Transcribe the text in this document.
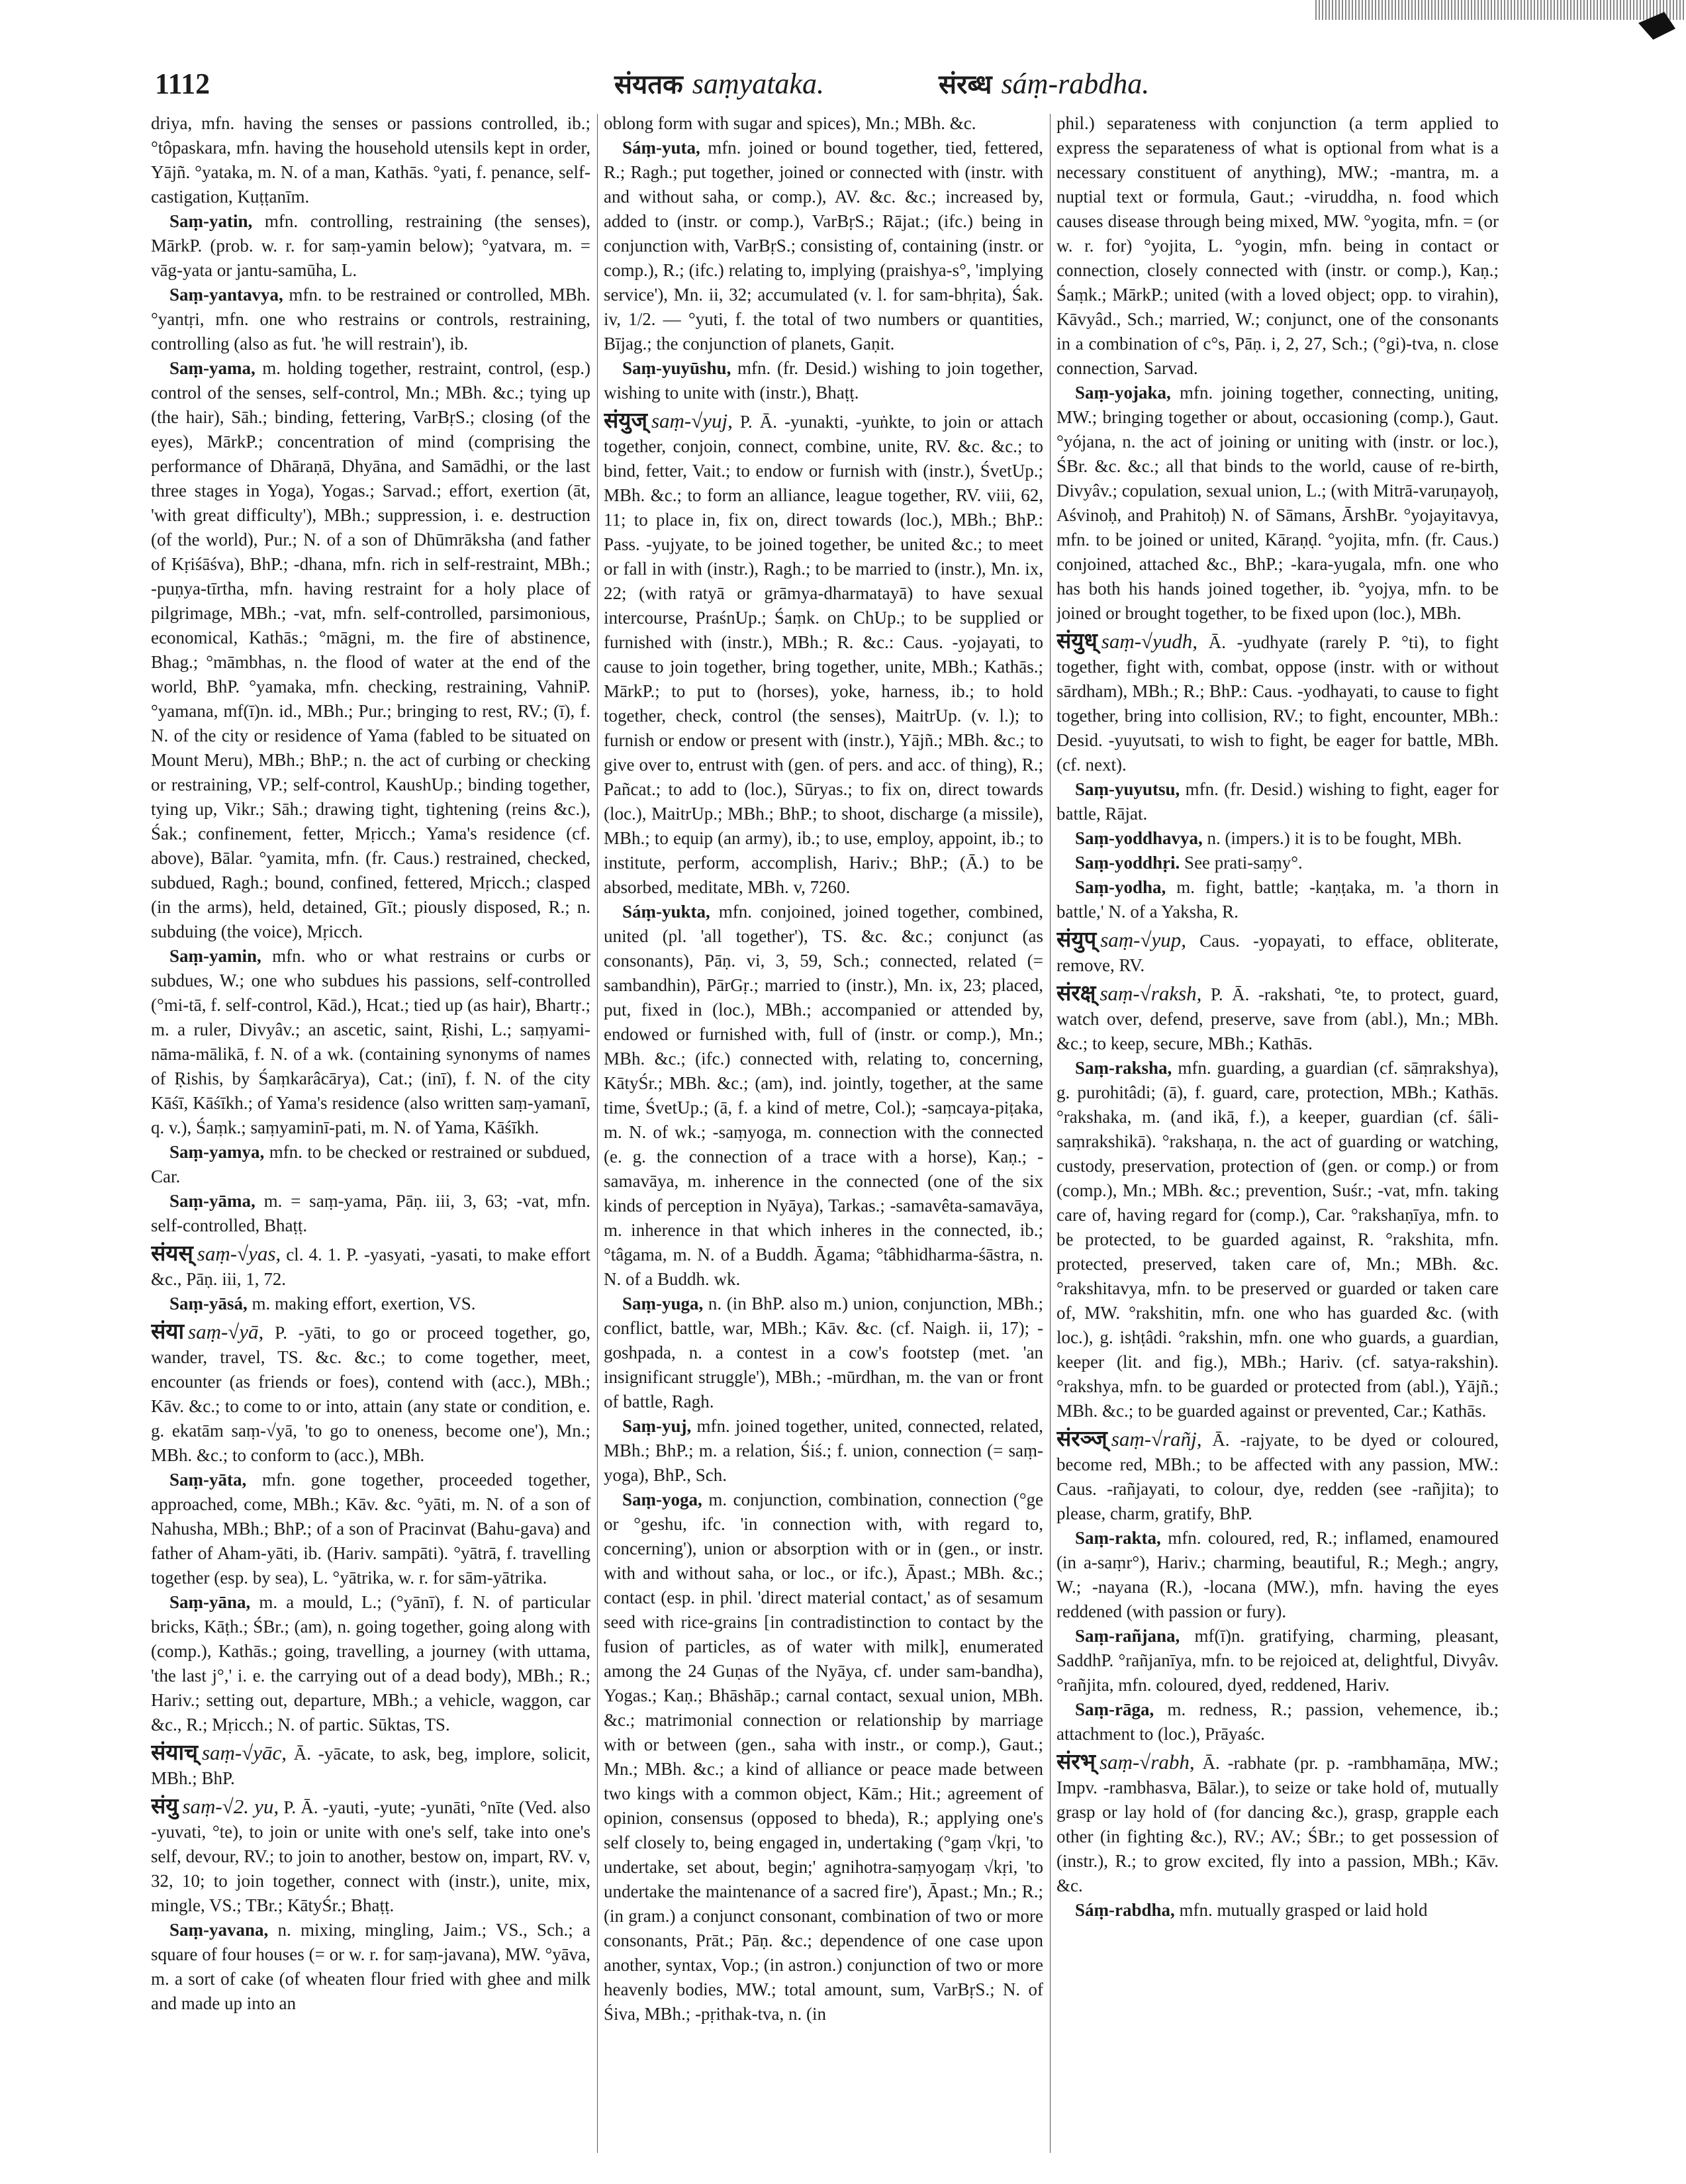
1112	संयतक saṃyataka.	संरब्ध sáṃ-rabdha.

driya, mfn. having the senses or passions controlled, ib.; °tôpaskara, mfn. having the household utensils kept in order, Yājñ. °yataka, m. N. of a man, Kathās. °yati, f. penance, self-castigation, Kuṭṭanīm.

Saṃ-yatin, mfn. controlling, restraining (the senses), MārkP. (prob. w. r. for saṃ-yamin below); °yatvara, m. = vāg-yata or jantu-samūha, L.

Saṃ-yantavya, mfn. to be restrained or controlled, MBh. °yantṛi, mfn. one who restrains or controls, restraining, controlling (also as fut. 'he will restrain'), ib.

Saṃ-yama, m. holding together, restraint, control, (esp.) control of the senses, self-control, Mn.; MBh. &c.; tying up (the hair), Sāh.; binding, fettering, VarBṛS.; closing (of the eyes), MārkP.; concentration of mind (comprising the performance of Dhāraṇā, Dhyāna, and Samādhi, or the last three stages in Yoga), Yogas.; Sarvad.; effort, exertion (āt, 'with great difficulty'), MBh.; suppression, i. e. destruction (of the world), Pur.; N. of a son of Dhūmrāksha (and father of Kṛiśāśva), BhP.; -dhana, mfn. rich in self-restraint, MBh.; -puṇya-tīrtha, mfn. having restraint for a holy place of pilgrimage, MBh.; -vat, mfn. self-controlled, parsimonious, economical, Kathās.; °māgni, m. the fire of abstinence, Bhag.; °māmbhas, n. the flood of water at the end of the world, BhP. °yamaka, mfn. checking, restraining, VahniP. °yamana, mf(ī)n. id., MBh.; Pur.; bringing to rest, RV.; (ī), f. N. of the city or residence of Yama (fabled to be situated on Mount Meru), MBh.; BhP.; n. the act of curbing or checking or restraining, VP.; self-control, KaushUp.; binding together, tying up, Vikr.; Sāh.; drawing tight, tightening (reins &c.), Śak.; confinement, fetter, Mṛicch.; Yama's residence (cf. above), Bālar. °yamita, mfn. (fr. Caus.) restrained, checked, subdued, Ragh.; bound, confined, fettered, Mṛicch.; clasped (in the arms), held, detained, Gīt.; piously disposed, R.; n. subduing (the voice), Mṛicch.

Saṃ-yamin, mfn. who or what restrains or curbs or subdues, W.; one who subdues his passions, self-controlled (°mi-tā, f. self-control, Kād.), Hcat.; tied up (as hair), Bhartṛ.; m. a ruler, Divyâv.; an ascetic, saint, Ṛishi, L.; saṃyami-nāma-mālikā, f. N. of a wk. (containing synonyms of names of Ṛishis, by Śaṃkarâcārya), Cat.; (inī), f. N. of the city Kāśī, Kāśīkh.; of Yama's residence (also written saṃ-yamanī, q. v.), Śaṃk.; saṃyaminī-pati, m. N. of Yama, Kāśīkh.

Saṃ-yamya, mfn. to be checked or restrained or subdued, Car.

Saṃ-yāma, m. = saṃ-yama, Pāṇ. iii, 3, 63; -vat, mfn. self-controlled, Bhaṭṭ.

संयस् saṃ-√yas, cl. 4. 1. P. -yasyati, -yasati, to make effort &c., Pāṇ. iii, 1, 72.

Saṃ-yāsá, m. making effort, exertion, VS.

संया saṃ-√yā, P. -yāti, to go or proceed together, go, wander, travel, TS. &c. &c.; to come together, meet, encounter (as friends or foes), contend with (acc.), MBh.; Kāv. &c.; to come to or into, attain (any state or condition, e. g. ekatām saṃ-√yā, 'to go to oneness, become one'), Mn.; MBh. &c.; to conform to (acc.), MBh.

Saṃ-yāta, mfn. gone together, proceeded together, approached, come, MBh.; Kāv. &c. °yāti, m. N. of a son of Nahusha, MBh.; BhP.; of a son of Pracinvat (Bahu-gava) and father of Aham-yāti, ib. (Hariv. sampāti). °yātrā, f. travelling together (esp. by sea), L. °yātrika, w. r. for sām-yātrika.

Saṃ-yāna, m. a mould, L.; (°yānī), f. N. of particular bricks, Kāṭh.; ŚBr.; (am), n. going together, going along with (comp.), Kathās.; going, travelling, a journey (with uttama, 'the last j°,' i. e. the carrying out of a dead body), MBh.; R.; Hariv.; setting out, departure, MBh.; a vehicle, waggon, car &c., R.; Mṛicch.; N. of partic. Sūktas, TS.

संयाच् saṃ-√yāc, Ā. -yācate, to ask, beg, implore, solicit, MBh.; BhP.

संयु saṃ-√2. yu, P. Ā. -yauti, -yute; -yunāti, °nīte (Ved. also -yuvati, °te), to join or unite with one's self, take into one's self, devour, RV.; to join to another, bestow on, impart, RV. v, 32, 10; to join together, connect with (instr.), unite, mix, mingle, VS.; TBr.; KātyŚr.; Bhaṭṭ.

Saṃ-yavana, n. mixing, mingling, Jaim.; VS., Sch.; a square of four houses (= or w. r. for saṃ-javana), MW. °yāva, m. a sort of cake (of wheaten flour fried with ghee and milk and made up into an

oblong form with sugar and spices), Mn.; MBh. &c.

Sáṃ-yuta, mfn. joined or bound together, tied, fettered, R.; Ragh.; put together, joined or connected with (instr. with and without saha, or comp.), AV. &c. &c.; increased by, added to (instr. or comp.), VarBṛS.; Rājat.; (ifc.) being in conjunction with, VarBṛS.; consisting of, containing (instr. or comp.), R.; (ifc.) relating to, implying (praishya-s°, 'implying service'), Mn. ii, 32; accumulated (v. l. for sam-bhṛita), Śak. iv, 1/2. — °yuti, f. the total of two numbers or quantities, Bījag.; the conjunction of planets, Gaṇit.

Saṃ-yuyūshu, mfn. (fr. Desid.) wishing to join together, wishing to unite with (instr.), Bhaṭṭ.

संयुज् saṃ-√yuj, P. Ā. -yunakti, -yuṅkte, to join or attach together, conjoin, connect, combine, unite, RV. &c. &c.; to bind, fetter, Vait.; to endow or furnish with (instr.), ŚvetUp.; MBh. &c.; to form an alliance, league together, RV. viii, 62, 11; to place in, fix on, direct towards (loc.), MBh.; BhP.: Pass. -yujyate, to be joined together, be united &c.; to meet or fall in with (instr.), Ragh.; to be married to (instr.), Mn. ix, 22; (with ratyā or grāmya-dharmatayā) to have sexual intercourse, PraśnUp.; Śaṃk. on ChUp.; to be supplied or furnished with (instr.), MBh.; R. &c.: Caus. -yojayati, to cause to join together, bring together, unite, MBh.; Kathās.; MārkP.; to put to (horses), yoke, harness, ib.; to hold together, check, control (the senses), MaitrUp. (v. l.); to furnish or endow or present with (instr.), Yājñ.; MBh. &c.; to give over to, entrust with (gen. of pers. and acc. of thing), R.; Pañcat.; to add to (loc.), Sūryas.; to fix on, direct towards (loc.), MaitrUp.; MBh.; BhP.; to shoot, discharge (a missile), MBh.; to equip (an army), ib.; to use, employ, appoint, ib.; to institute, perform, accomplish, Hariv.; BhP.; (Ā.) to be absorbed, meditate, MBh. v, 7260.

Sáṃ-yukta, mfn. conjoined, joined together, combined, united (pl. 'all together'), TS. &c. &c.; conjunct (as consonants), Pāṇ. vi, 3, 59, Sch.; connected, related (= sambandhin), PārGṛ.; married to (instr.), Mn. ix, 23; placed, put, fixed in (loc.), MBh.; accompanied or attended by, endowed or furnished with, full of (instr. or comp.), Mn.; MBh. &c.; (ifc.) connected with, relating to, concerning, KātyŚr.; MBh. &c.; (am), ind. jointly, together, at the same time, ŚvetUp.; (ā, f. a kind of metre, Col.); -saṃcaya-piṭaka, m. N. of wk.; -saṃyoga, m. connection with the connected (e. g. the connection of a trace with a horse), Kaṇ.; -samavāya, m. inherence in the connected (one of the six kinds of perception in Nyāya), Tarkas.; -samavêta-samavāya, m. inherence in that which inheres in the connected, ib.; °tâgama, m. N. of a Buddh. Āgama; °tâbhidharma-śāstra, n. N. of a Buddh. wk.

Saṃ-yuga, n. (in BhP. also m.) union, conjunction, MBh.; conflict, battle, war, MBh.; Kāv. &c. (cf. Naigh. ii, 17); -goshpada, n. a contest in a cow's footstep (met. 'an insignificant struggle'), MBh.; -mūrdhan, m. the van or front of battle, Ragh.

Saṃ-yuj, mfn. joined together, united, connected, related, MBh.; BhP.; m. a relation, Śiś.; f. union, connection (= saṃ-yoga), BhP., Sch.

Saṃ-yoga, m. conjunction, combination, connection (°ge or °geshu, ifc. 'in connection with, with regard to, concerning'), union or absorption with or in (gen., or instr. with and without saha, or loc., or ifc.), Āpast.; MBh. &c.; contact (esp. in phil. 'direct material contact,' as of sesamum seed with rice-grains [in contradistinction to contact by the fusion of particles, as of water with milk], enumerated among the 24 Guṇas of the Nyāya, cf. under sam-bandha), Yogas.; Kaṇ.; Bhāshāp.; carnal contact, sexual union, MBh. &c.; matrimonial connection or relationship by marriage with or between (gen., saha with instr., or comp.), Gaut.; Mn.; MBh. &c.; a kind of alliance or peace made between two kings with a common object, Kām.; Hit.; agreement of opinion, consensus (opposed to bheda), R.; applying one's self closely to, being engaged in, undertaking (°gaṃ √kṛi, 'to undertake, set about, begin;' agnihotra-saṃyogaṃ √kṛi, 'to undertake the maintenance of a sacred fire'), Āpast.; Mn.; R.; (in gram.) a conjunct consonant, combination of two or more consonants, Prāt.; Pāṇ. &c.; dependence of one case upon another, syntax, Vop.; (in astron.) conjunction of two or more heavenly bodies, MW.; total amount, sum, VarBṛS.; N. of Śiva, MBh.; -pṛithak-tva, n. (in

phil.) separateness with conjunction (a term applied to express the separateness of what is optional from what is a necessary constituent of anything), MW.; -mantra, m. a nuptial text or formula, Gaut.; -viruddha, n. food which causes disease through being mixed, MW. °yogita, mfn. = (or w. r. for) °yojita, L. °yogin, mfn. being in contact or connection, closely connected with (instr. or comp.), Kaṇ.; Śaṃk.; MārkP.; united (with a loved object; opp. to virahin), Kāvyâd., Sch.; married, W.; conjunct, one of the consonants in a combination of c°s, Pāṇ. i, 2, 27, Sch.; (°gi)-tva, n. close connection, Sarvad.

Saṃ-yojaka, mfn. joining together, connecting, uniting, MW.; bringing together or about, occasioning (comp.), Gaut. °yójana, n. the act of joining or uniting with (instr. or loc.), ŚBr. &c. &c.; all that binds to the world, cause of re-birth, Divyâv.; copulation, sexual union, L.; (with Mitrā-varuṇayoḥ, Aśvinoḥ, and Prahitoḥ) N. of Sāmans, ĀrshBr. °yojayitavya, mfn. to be joined or united, Kāraṇḍ. °yojita, mfn. (fr. Caus.) conjoined, attached &c., BhP.; -kara-yugala, mfn. one who has both his hands joined together, ib. °yojya, mfn. to be joined or brought together, to be fixed upon (loc.), MBh.

संयुध् saṃ-√yudh, Ā. -yudhyate (rarely P. °ti), to fight together, fight with, combat, oppose (instr. with or without sārdham), MBh.; R.; BhP.: Caus. -yodhayati, to cause to fight together, bring into collision, RV.; to fight, encounter, MBh.: Desid. -yuyutsati, to wish to fight, be eager for battle, MBh. (cf. next).

Saṃ-yuyutsu, mfn. (fr. Desid.) wishing to fight, eager for battle, Rājat.

Saṃ-yoddhavya, n. (impers.) it is to be fought, MBh.

Saṃ-yoddhṛi. See prati-saṃy°.

Saṃ-yodha, m. fight, battle; -kaṇṭaka, m. 'a thorn in battle,' N. of a Yaksha, R.

संयुप् saṃ-√yup, Caus. -yopayati, to efface, obliterate, remove, RV.

संरक्ष् saṃ-√raksh, P. Ā. -rakshati, °te, to protect, guard, watch over, defend, preserve, save from (abl.), Mn.; MBh. &c.; to keep, secure, MBh.; Kathās.

Saṃ-raksha, mfn. guarding, a guardian (cf. sāṃrakshya), g. purohitâdi; (ā), f. guard, care, protection, MBh.; Kathās. °rakshaka, m. (and ikā, f.), a keeper, guardian (cf. śāli-saṃrakshikā). °rakshaṇa, n. the act of guarding or watching, custody, preservation, protection of (gen. or comp.) or from (comp.), Mn.; MBh. &c.; prevention, Suśr.; -vat, mfn. taking care of, having regard for (comp.), Car. °rakshaṇīya, mfn. to be protected, to be guarded against, R. °rakshita, mfn. protected, preserved, taken care of, Mn.; MBh. &c. °rakshitavya, mfn. to be preserved or guarded or taken care of, MW. °rakshitin, mfn. one who has guarded &c. (with loc.), g. ishṭâdi. °rakshin, mfn. one who guards, a guardian, keeper (lit. and fig.), MBh.; Hariv. (cf. satya-rakshin). °rakshya, mfn. to be guarded or protected from (abl.), Yājñ.; MBh. &c.; to be guarded against or prevented, Car.; Kathās.

संरञ्ज् saṃ-√rañj, Ā. -rajyate, to be dyed or coloured, become red, MBh.; to be affected with any passion, MW.: Caus. -rañjayati, to colour, dye, redden (see -rañjita); to please, charm, gratify, BhP.

Saṃ-rakta, mfn. coloured, red, R.; inflamed, enamoured (in a-saṃr°), Hariv.; charming, beautiful, R.; Megh.; angry, W.; -nayana (R.), -locana (MW.), mfn. having the eyes reddened (with passion or fury).

Saṃ-rañjana, mf(ī)n. gratifying, charming, pleasant, SaddhP. °rañjanīya, mfn. to be rejoiced at, delightful, Divyâv. °rañjita, mfn. coloured, dyed, reddened, Hariv.

Saṃ-rāga, m. redness, R.; passion, vehemence, ib.; attachment to (loc.), Prāyaśc.

संरभ् saṃ-√rabh, Ā. -rabhate (pr. p. -rambhamāṇa, MW.; Impv. -rambhasva, Bālar.), to seize or take hold of, mutually grasp or lay hold of (for dancing &c.), grasp, grapple each other (in fighting &c.), RV.; AV.; ŚBr.; to get possession of (instr.), R.; to grow excited, fly into a passion, MBh.; Kāv. &c.

Sáṃ-rabdha, mfn. mutually grasped or laid hold
